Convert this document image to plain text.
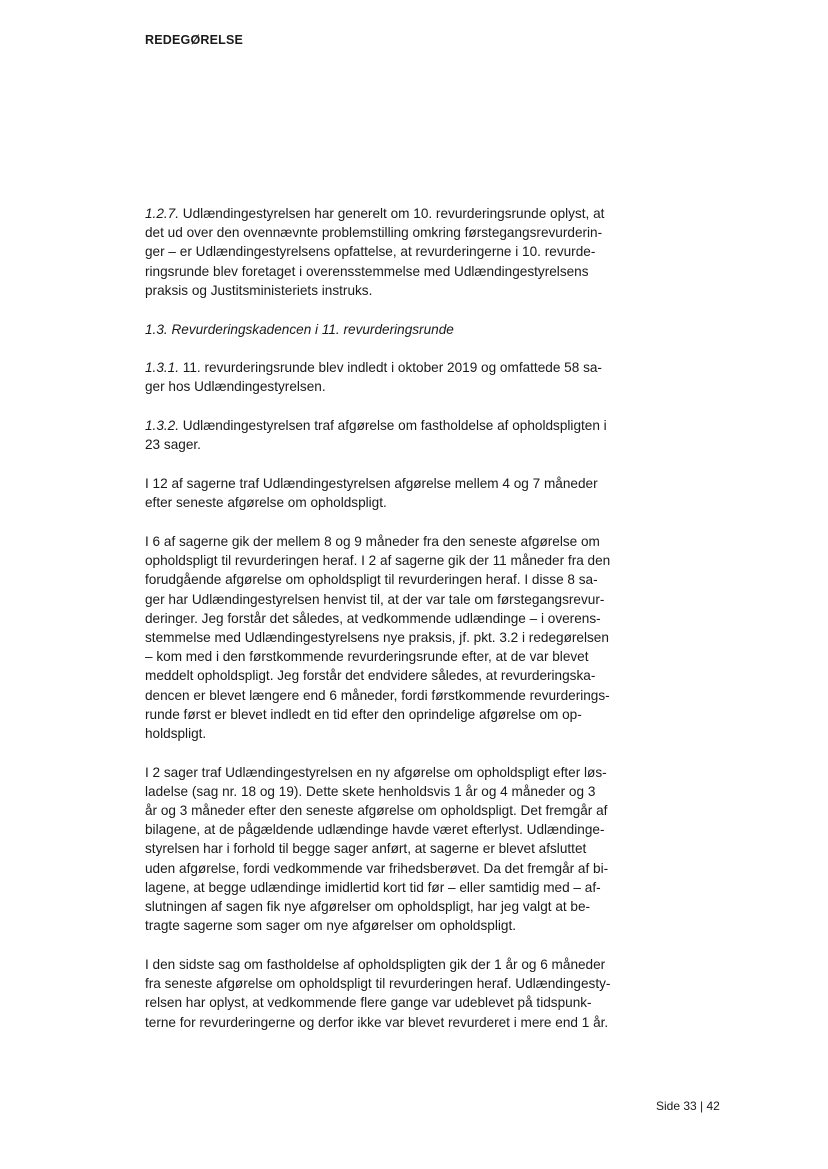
REDEGØRELSE

1.2.7. Udlændingestyrelsen har generelt om 10. revurderingsrunde oplyst, at
det ud over den ovennævnte problemstilling omkring førstegangsrevurderin-
ger – er Udlændingestyrelsens opfattelse, at revurderingerne i 10. revurde-
ringsrunde blev foretaget i overensstemmelse med Udlændingestyrelsens
praksis og Justitsministeriets instruks.

1.3. Revurderingskadencen i 11. revurderingsrunde

1.3.1. 11. revurderingsrunde blev indledt i oktober 2019 og omfattede 58 sa-
ger hos Udlændingestyrelsen.

1.3.2. Udlændingestyrelsen traf afgørelse om fastholdelse af opholdspligten i
23 sager.

I 12 af sagerne traf Udlændingestyrelsen afgørelse mellem 4 og 7 måneder
efter seneste afgørelse om opholdspligt.

I 6 af sagerne gik der mellem 8 og 9 måneder fra den seneste afgørelse om
opholdspligt til revurderingen heraf. I 2 af sagerne gik der 11 måneder fra den
forudgående afgørelse om opholdspligt til revurderingen heraf. I disse 8 sa-
ger har Udlændingestyrelsen henvist til, at der var tale om førstegangsrevur-
deringer. Jeg forstår det således, at vedkommende udlændinge – i overens-
stemmelse med Udlændingestyrelsens nye praksis, jf. pkt. 3.2 i redegørelsen
– kom med i den førstkommende revurderingsrunde efter, at de var blevet
meddelt opholdspligt. Jeg forstår det endvidere således, at revurderingska-
dencen er blevet længere end 6 måneder, fordi førstkommende revurderings-
runde først er blevet indledt en tid efter den oprindelige afgørelse om op-
holdspligt.

I 2 sager traf Udlændingestyrelsen en ny afgørelse om opholdspligt efter løs-
ladelse (sag nr. 18 og 19). Dette skete henholdsvis 1 år og 4 måneder og 3
år og 3 måneder efter den seneste afgørelse om opholdspligt. Det fremgår af
bilagene, at de pågældende udlændinge havde været efterlyst. Udlændinge-
styrelsen har i forhold til begge sager anført, at sagerne er blevet afsluttet
uden afgørelse, fordi vedkommende var frihedsberøvet. Da det fremgår af bi-
lagene, at begge udlændinge imidlertid kort tid før – eller samtidig med – af-
slutningen af sagen fik nye afgørelser om opholdspligt, har jeg valgt at be-
tragte sagerne som sager om nye afgørelser om opholdspligt.

I den sidste sag om fastholdelse af opholdspligten gik der 1 år og 6 måneder
fra seneste afgørelse om opholdspligt til revurderingen heraf. Udlændingesty-
relsen har oplyst, at vedkommende flere gange var udeblevet på tidspunk-
terne for revurderingerne og derfor ikke var blevet revurderet i mere end 1 år.

Side 33 | 42
